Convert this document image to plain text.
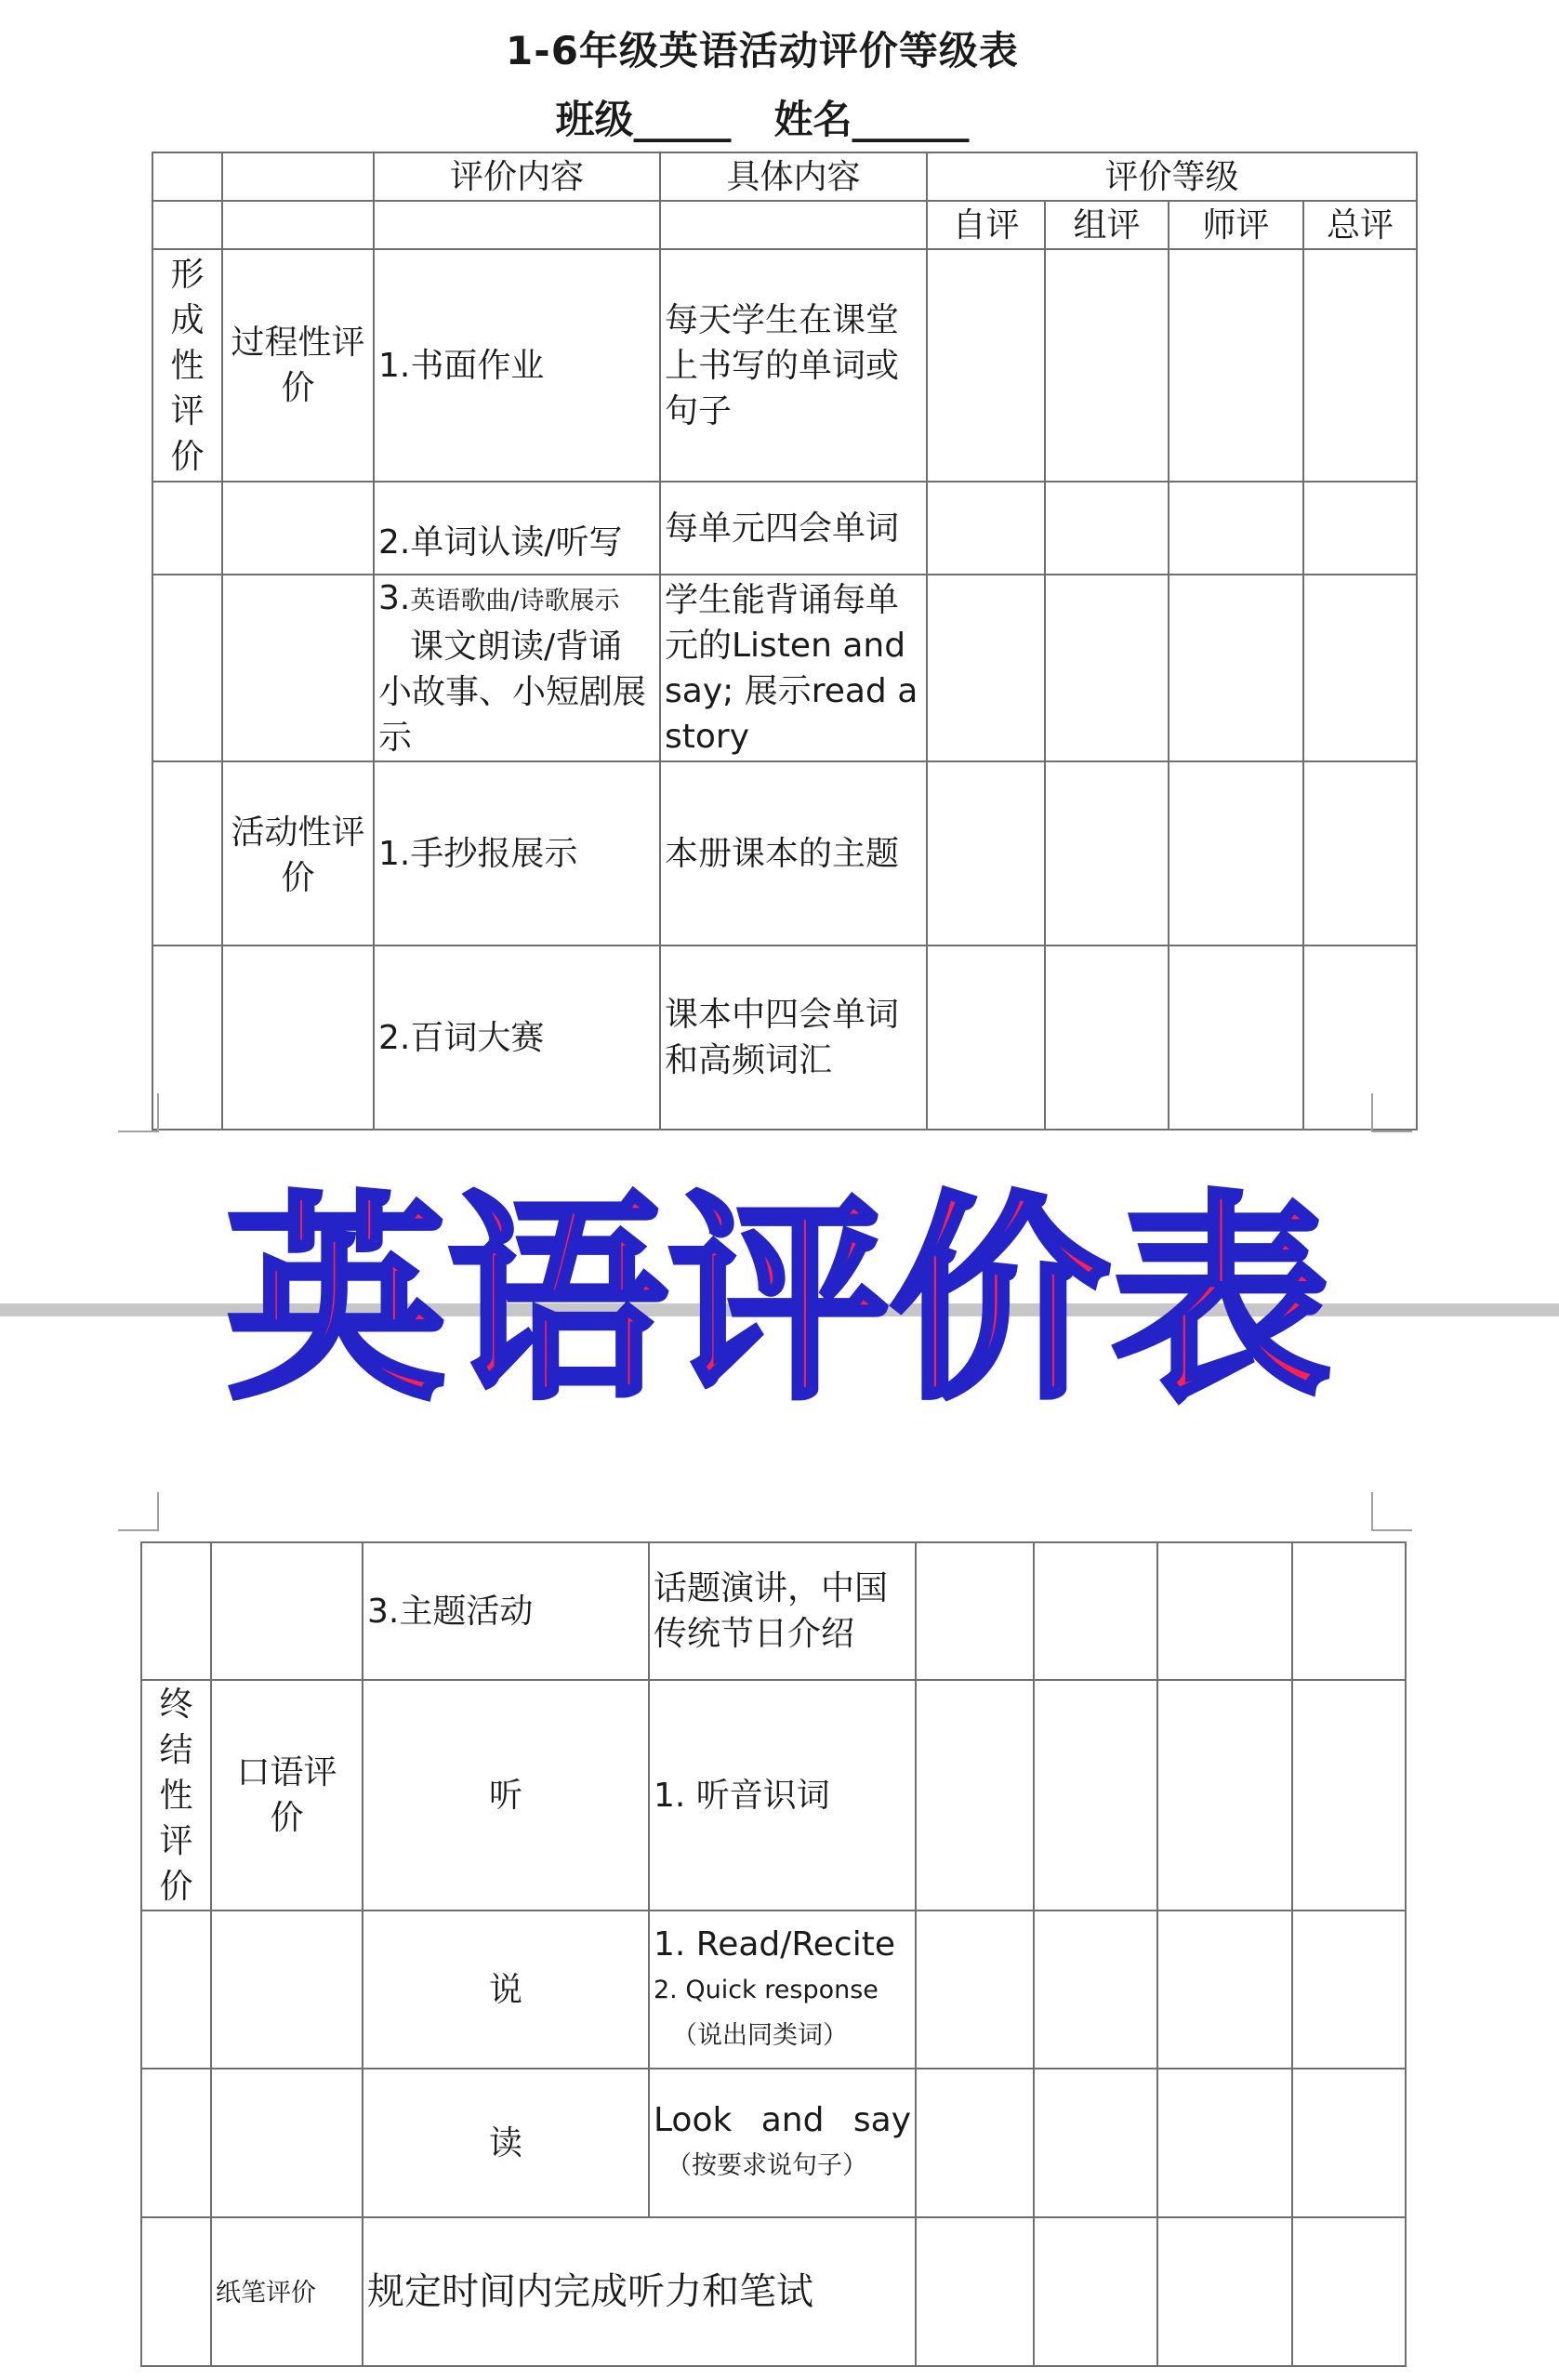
1-6年级英语活动评价等级表
班级_____ 姓名______
		评价内容	具体内容	评价等级			
				自评	组评	师评	总评

形成性评价	过程性评价	1.书面作业	每天学生在课堂上书写的单词或句子				
		2.单词认读/听写	每单元四会单词				

		3.英语歌曲/诗歌展示
课文朗读/背诵
小故事、小短剧展示	学生能背诵每单元的Listen and say; 展示read a story				

	活动性评价	1.手抄报展示	本册课本的主题				
		2.百词大赛	课本中四会单词和高频词汇				
英语评价表
		3.主题活动	话题演讲，中国传统节日介绍				

终结性评价	口语评价	听	1. 听音识词				
		说	1. Read/Recite
2. Quick response
（说出同类词）				

		读	Look and say
（按要求说句子）				

	纸笔评价	规定时间内完成听力和笔试					
